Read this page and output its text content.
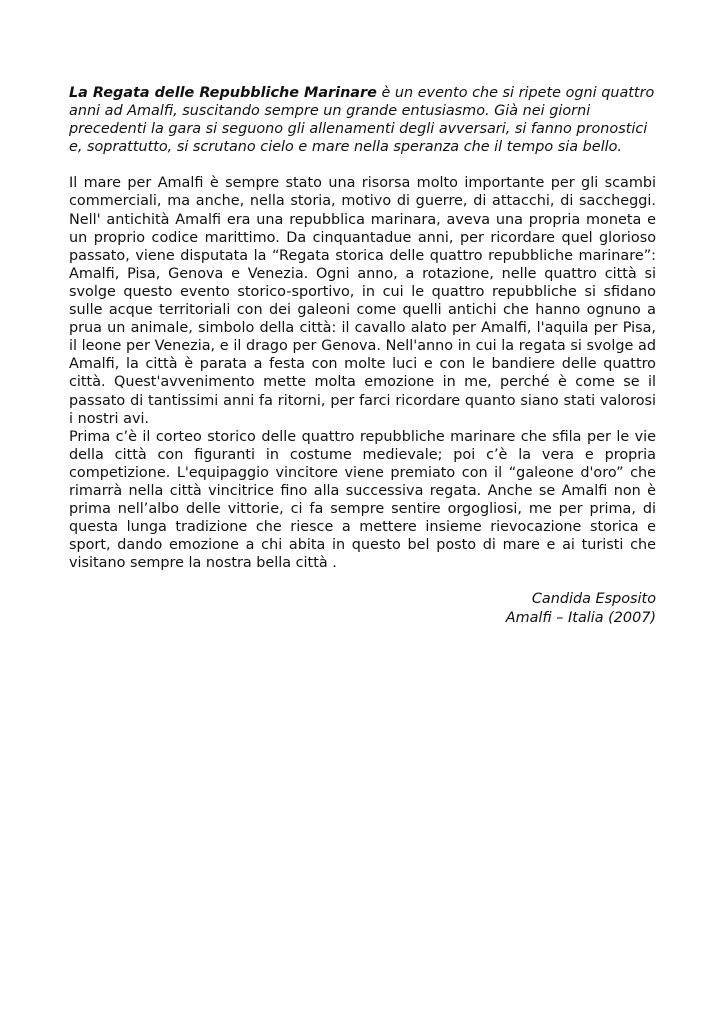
La Regata delle Repubbliche Marinare è un evento che si ripete ogni quattro anni ad Amalfi, suscitando sempre un grande entusiasmo. Già nei giorni precedenti la gara si seguono gli allenamenti degli avversari, si fanno pronostici e, soprattutto, si scrutano cielo e mare nella speranza che il tempo sia bello.

Il mare per Amalfi è sempre stato una risorsa molto importante per gli scambi commerciali, ma anche, nella storia, motivo di guerre, di attacchi, di saccheggi. Nell' antichità Amalfi era una repubblica marinara, aveva una propria moneta e un proprio codice marittimo. Da cinquantadue anni, per ricordare quel glorioso passato, viene disputata la “Regata storica delle quattro repubbliche marinare”: Amalfi, Pisa, Genova e Venezia. Ogni anno, a rotazione, nelle quattro città si svolge questo evento storico-sportivo, in cui le quattro repubbliche si sfidano sulle acque territoriali con dei galeoni come quelli antichi che hanno ognuno a prua un animale, simbolo della città: il cavallo alato per Amalfi, l'aquila per Pisa, il leone per Venezia, e il drago per Genova. Nell'anno in cui la regata si svolge ad Amalfi, la città è parata a festa con molte luci e con le bandiere delle quattro città. Quest'avvenimento mette molta emozione in me, perché è come se il passato di tantissimi anni fa ritorni, per farci ricordare quanto siano stati valorosi i nostri avi.

Prima c’è il corteo storico delle quattro repubbliche marinare che sfila per le vie della città con figuranti in costume medievale; poi c’è la vera e propria competizione. L'equipaggio vincitore viene premiato con il “galeone d'oro” che rimarrà nella città vincitrice fino alla successiva regata. Anche se Amalfi non è prima nell’albo delle vittorie, ci fa sempre sentire orgogliosi, me per prima, di questa lunga tradizione che riesce a mettere insieme rievocazione storica e sport, dando emozione a chi abita in questo bel posto di mare e ai turisti che visitano sempre la nostra bella città .

Candida Esposito
Amalfi – Italia (2007)
